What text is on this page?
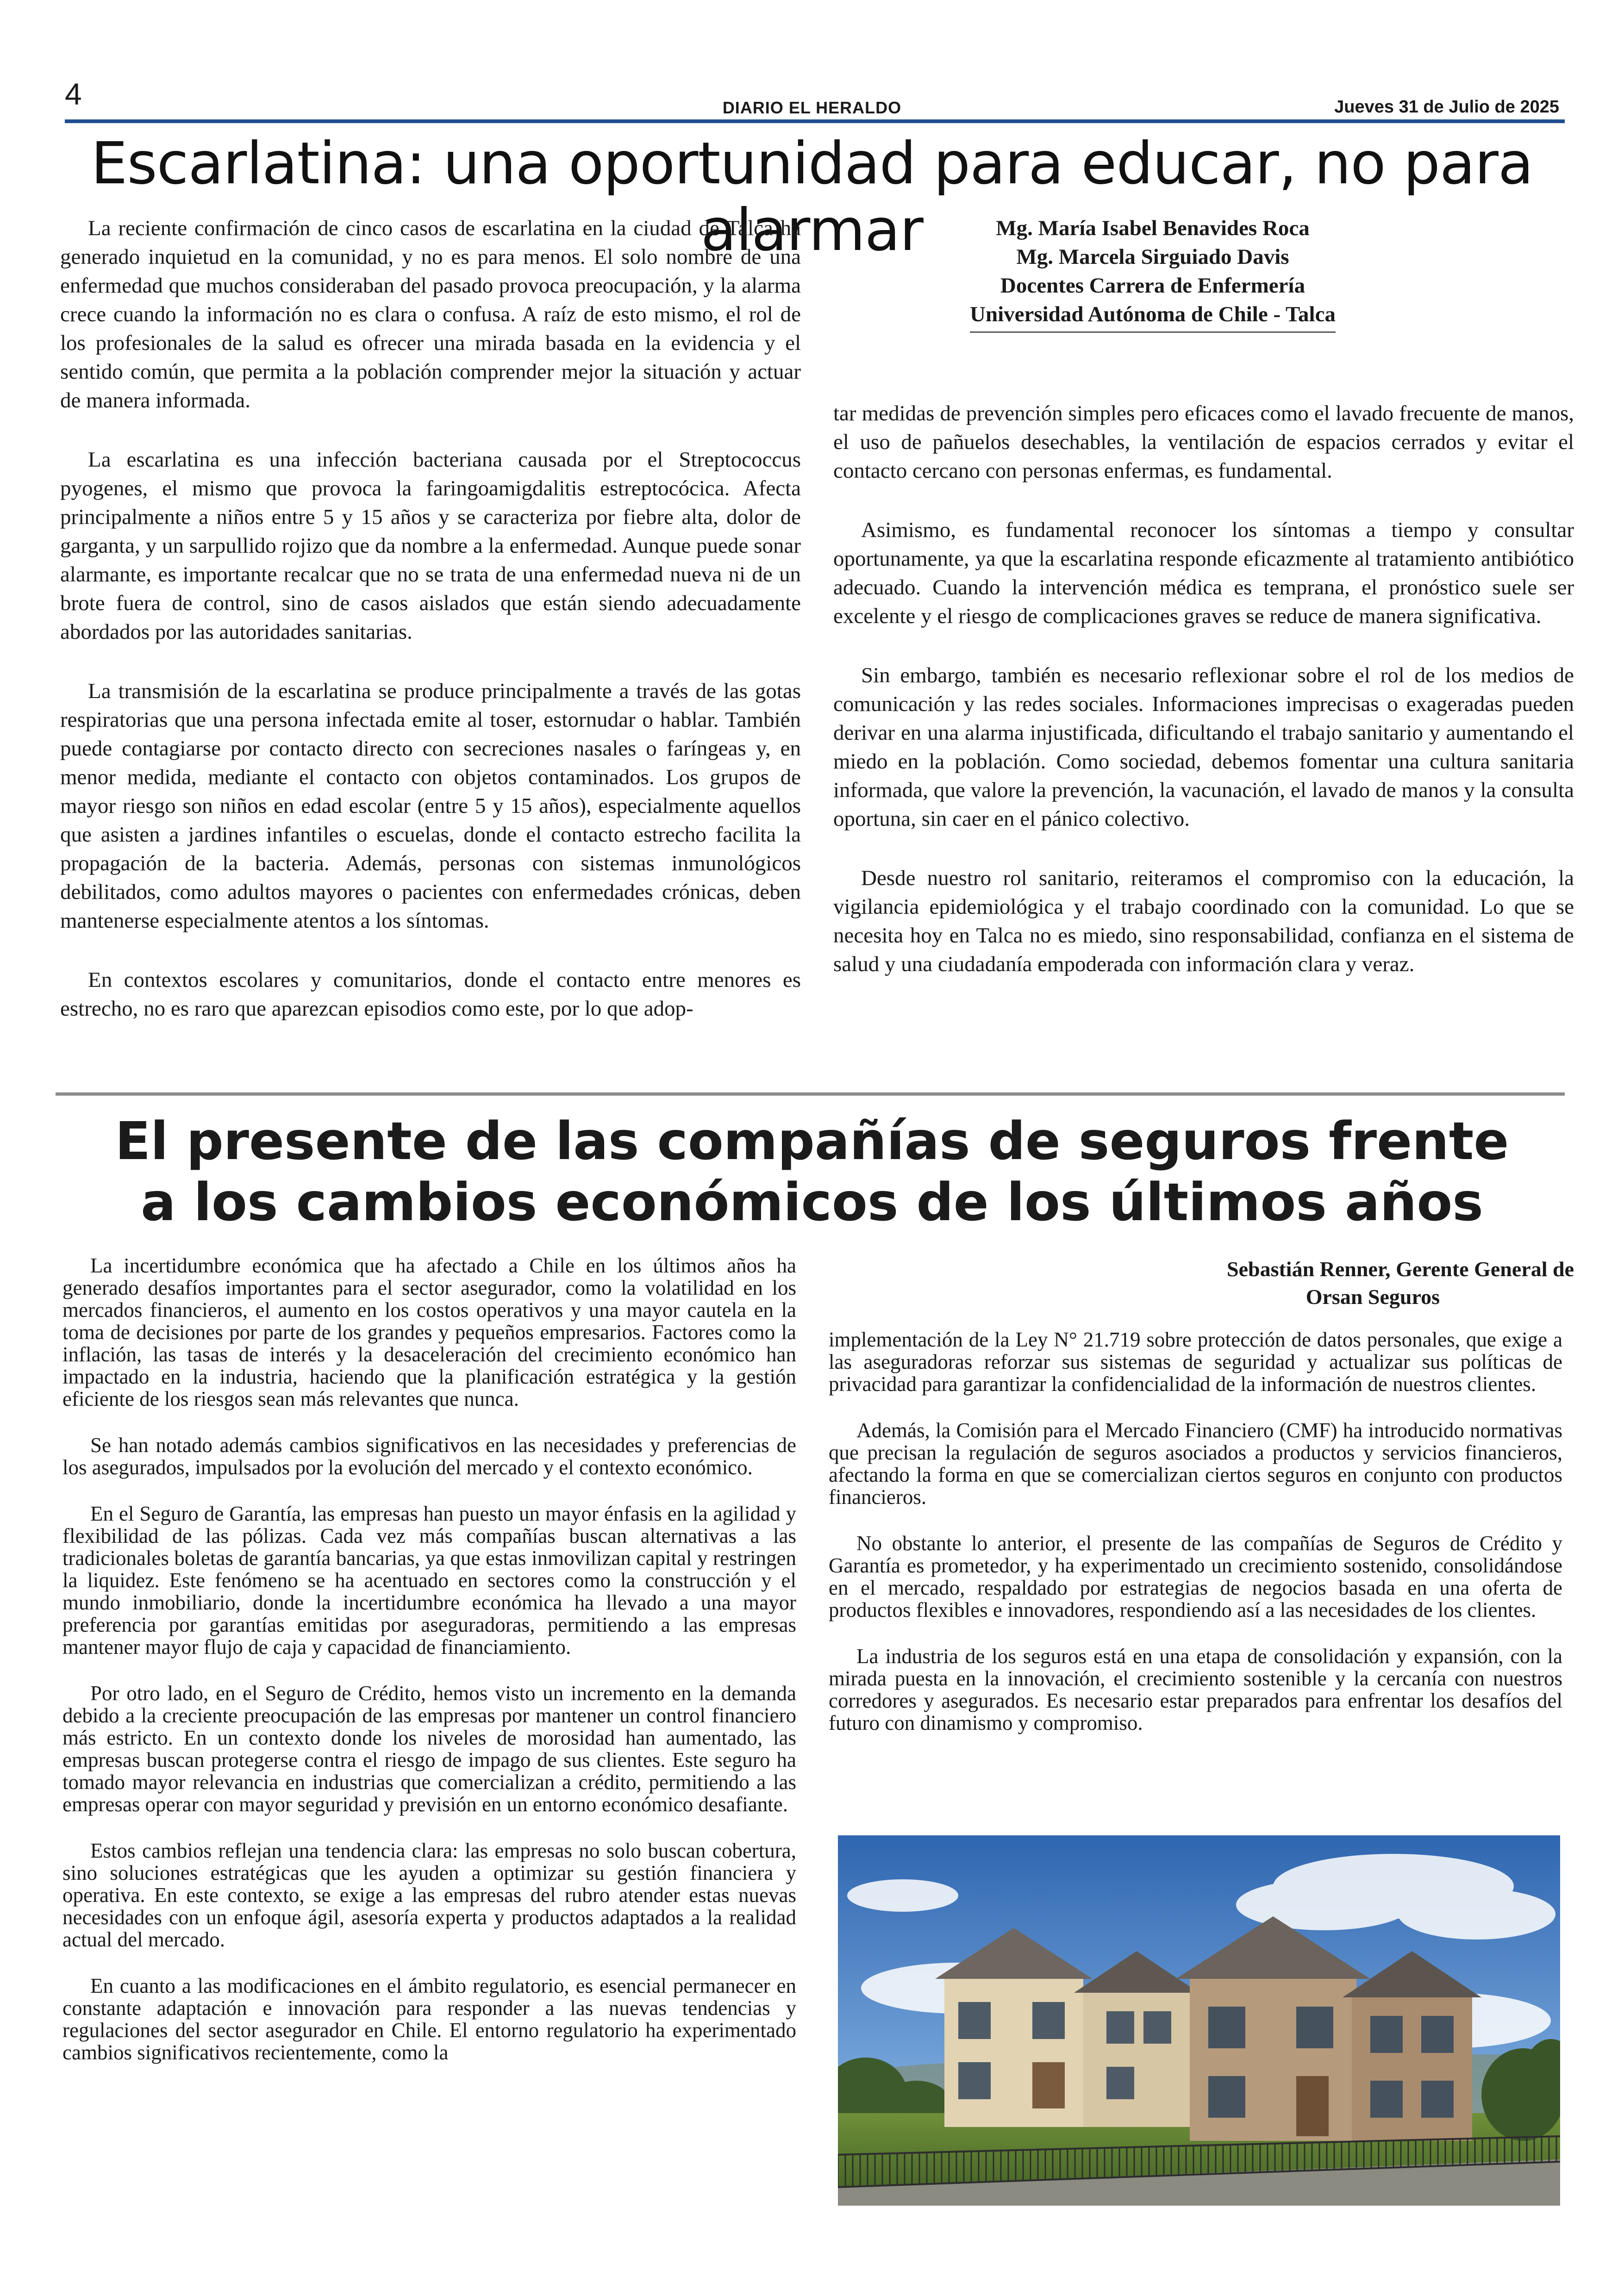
4	DIARIO EL HERALDO	Jueves 31 de Julio de 2025
Escarlatina: una oportunidad para educar, no para alarmar	Mg. María Isabel Benavides Roca
Mg. Marcela Sirguiado Davis
Docentes Carrera de Enfermería
Universidad Autónoma de Chile - Talca

La reciente confirmación de cinco casos de escarlatina en la ciudad de Talca ha generado inquietud en la comunidad, y no es para menos. El solo nombre de una enfermedad que muchos consideraban del pasado provoca preocupación, y la alarma crece cuando la información no es clara o confusa. A raíz de esto mismo, el rol de los profesionales de la salud es ofrecer una mirada basada en la evidencia y el sentido común, que permita a la población comprender mejor la situación y actuar de manera informada.

La escarlatina es una infección bacteriana causada por el Streptococcus pyogenes, el mismo que provoca la faringoamigdalitis estreptocócica. Afecta principalmente a niños entre 5 y 15 años y se caracteriza por fiebre alta, dolor de garganta, y un sarpullido rojizo que da nombre a la enfermedad. Aunque puede sonar alarmante, es importante recalcar que no se trata de una enfermedad nueva ni de un brote fuera de control, sino de casos aislados que están siendo adecuadamente abordados por las autoridades sanitarias.

La transmisión de la escarlatina se produce principalmente a través de las gotas respiratorias que una persona infectada emite al toser, estornudar o hablar. También puede contagiarse por contacto directo con secreciones nasales o faríngeas y, en menor medida, mediante el contacto con objetos contaminados. Los grupos de mayor riesgo son niños en edad escolar (entre 5 y 15 años), especialmente aquellos que asisten a jardines infantiles o escuelas, donde el contacto estrecho facilita la propagación de la bacteria. Además, personas con sistemas inmunológicos debilitados, como adultos mayores o pacientes con enfermedades crónicas, deben mantenerse especialmente atentos a los síntomas.

En contextos escolares y comunitarios, donde el contacto entre menores es estrecho, no es raro que aparezcan episodios como este, por lo que adop-

tar medidas de prevención simples pero eficaces como el lavado frecuente de manos, el uso de pañuelos desechables, la ventilación de espacios cerrados y evitar el contacto cercano con personas enfermas, es fundamental.

Asimismo, es fundamental reconocer los síntomas a tiempo y consultar oportunamente, ya que la escarlatina responde eficazmente al tratamiento antibiótico adecuado. Cuando la intervención médica es temprana, el pronóstico suele ser excelente y el riesgo de complicaciones graves se reduce de manera significativa.

Sin embargo, también es necesario reflexionar sobre el rol de los medios de comunicación y las redes sociales. Informaciones imprecisas o exageradas pueden derivar en una alarma injustificada, dificultando el trabajo sanitario y aumentando el miedo en la población. Como sociedad, debemos fomentar una cultura sanitaria informada, que valore la prevención, la vacunación, el lavado de manos y la consulta oportuna, sin caer en el pánico colectivo.

Desde nuestro rol sanitario, reiteramos el compromiso con la educación, la vigilancia epidemiológica y el trabajo coordinado con la comunidad. Lo que se necesita hoy en Talca no es miedo, sino responsabilidad, confianza en el sistema de salud y una ciudadanía empoderada con información clara y veraz.

El presente de las compañías de seguros frente
a los cambios económicos de los últimos años
Sebastián Renner, Gerente General de
Orsan Seguros

La incertidumbre económica que ha afectado a Chile en los últimos años ha generado desafíos importantes para el sector asegurador, como la volatilidad en los mercados financieros, el aumento en los costos operativos y una mayor cautela en la toma de decisiones por parte de los grandes y pequeños empresarios. Factores como la inflación, las tasas de interés y la desaceleración del crecimiento económico han impactado en la industria, haciendo que la planificación estratégica y la gestión eficiente de los riesgos sean más relevantes que nunca.

Se han notado además cambios significativos en las necesidades y preferencias de los asegurados, impulsados por la evolución del mercado y el contexto económico.

En el Seguro de Garantía, las empresas han puesto un mayor énfasis en la agilidad y flexibilidad de las pólizas. Cada vez más compañías buscan alternativas a las tradicionales boletas de garantía bancarias, ya que estas inmovilizan capital y restringen la liquidez. Este fenómeno se ha acentuado en sectores como la construcción y el mundo inmobiliario, donde la incertidumbre económica ha llevado a una mayor preferencia por garantías emitidas por aseguradoras, permitiendo a las empresas mantener mayor flujo de caja y capacidad de financiamiento.

Por otro lado, en el Seguro de Crédito, hemos visto un incremento en la demanda debido a la creciente preocupación de las empresas por mantener un control financiero más estricto. En un contexto donde los niveles de morosidad han aumentado, las empresas buscan protegerse contra el riesgo de impago de sus clientes. Este seguro ha tomado mayor relevancia en industrias que comercializan a crédito, permitiendo a las empresas operar con mayor seguridad y previsión en un entorno económico desafiante.

Estos cambios reflejan una tendencia clara: las empresas no solo buscan cobertura, sino soluciones estratégicas que les ayuden a optimizar su gestión financiera y operativa. En este contexto, se exige a las empresas del rubro atender estas nuevas necesidades con un enfoque ágil, asesoría experta y productos adaptados a la realidad actual del mercado.

En cuanto a las modificaciones en el ámbito regulatorio, es esencial permanecer en constante adaptación e innovación para responder a las nuevas tendencias y regulaciones del sector asegurador en Chile. El entorno regulatorio ha experimentado cambios significativos recientemente, como la

implementación de la Ley N° 21.719 sobre protección de datos personales, que exige a las aseguradoras reforzar sus sistemas de seguridad y actualizar sus políticas de privacidad para garantizar la confidencialidad de la información de nuestros clientes.

Además, la Comisión para el Mercado Financiero (CMF) ha introducido normativas que precisan la regulación de seguros asociados a productos y servicios financieros, afectando la forma en que se comercializan ciertos seguros en conjunto con productos financieros.

No obstante lo anterior, el presente de las compañías de Seguros de Crédito y Garantía es prometedor, y ha experimentado un crecimiento sostenido, consolidándose en el mercado, respaldado por estrategias de negocios basada en una oferta de productos flexibles e innovadores, respondiendo así a las necesidades de los clientes.

La industria de los seguros está en una etapa de consolidación y expansión, con la mirada puesta en la innovación, el crecimiento sostenible y la cercanía con nuestros corredores y asegurados. Es necesario estar preparados para enfrentar los desafíos del futuro con dinamismo y compromiso.
